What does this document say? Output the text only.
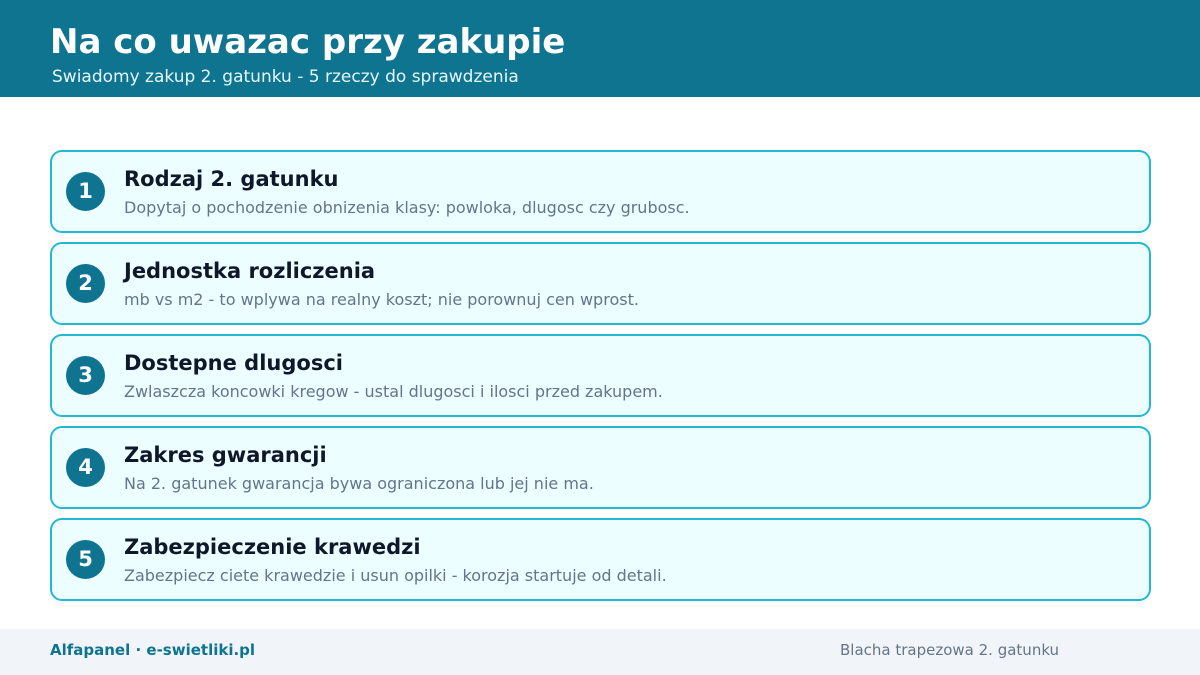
Na co uwazac przy zakupie

Swiadomy zakup 2. gatunku - 5 rzeczy do sprawdzenia

1	Rodzaj 2. gatunku
Dopytaj o pochodzenie obnizenia klasy: powloka, dlugosc czy grubosc.
2	Jednostka rozliczenia
mb vs m2 - to wplywa na realny koszt; nie porownuj cen wprost.
3	Dostepne dlugosci
Zwlaszcza koncowki kregow - ustal dlugosci i ilosci przed zakupem.
4	Zakres gwarancji
Na 2. gatunek gwarancja bywa ograniczona lub jej nie ma.
5	Zabezpieczenie krawedzi
Zabezpiecz ciete krawedzie i usun opilki - korozja startuje od detali.
Alfapanel · e-swietliki.pl	Blacha trapezowa 2. gatunku
